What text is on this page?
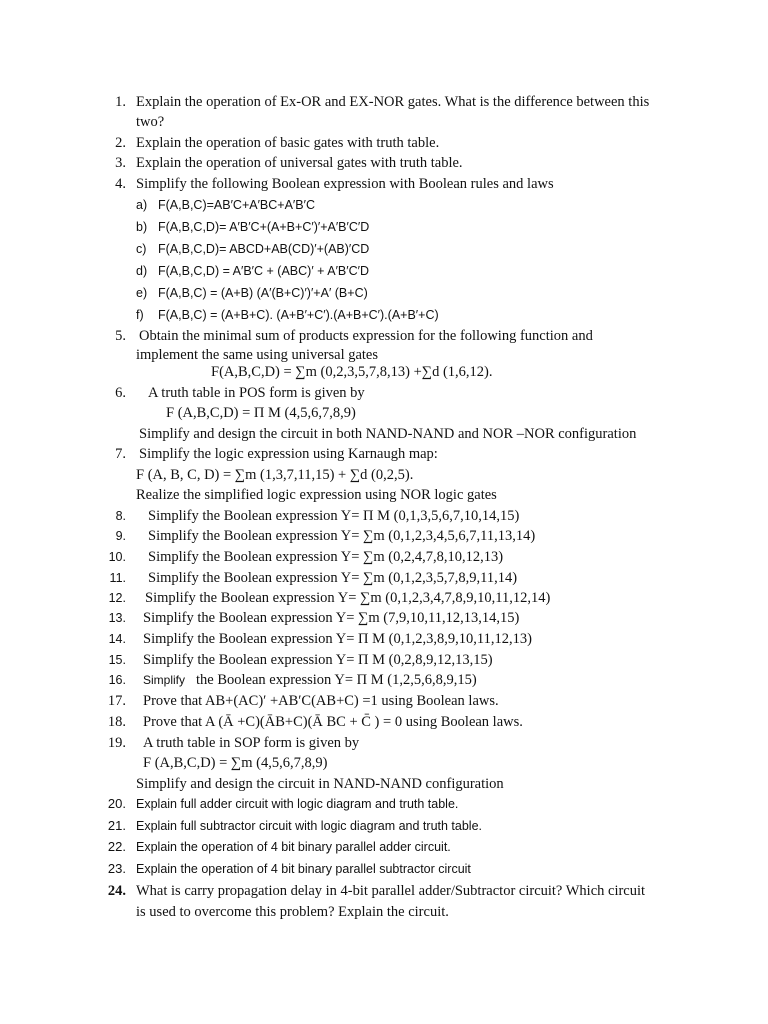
1. Explain the operation of Ex-OR and EX-NOR gates. What is the difference between this
two?
2. Explain the operation of basic gates with truth table.
3. Explain the operation of universal gates with truth table.
4. Simplify the following Boolean expression with Boolean rules and laws
a) F(A,B,C)=AB′C+A′BC+A′B′C
b) F(A,B,C,D)= A′B′C+(A+B+C′)′+A′B′C′D
c) F(A,B,C,D)= ABCD+AB(CD)′+(AB)′CD
d) F(A,B,C,D) = A′B′C + (ABC)′ + A′B′C′D
e) F(A,B,C) = (A+B) (A′(B+C)′)′+A′ (B+C)
f) F(A,B,C) = (A+B+C). (A+B′+C′).(A+B+C′).(A+B′+C)
5. Obtain the minimal sum of products expression for the following function and
implement the same using universal gates
F(A,B,C,D) = ∑m (0,2,3,5,7,8,13) +∑d (1,6,12).
6. A truth table in POS form is given by
F (A,B,C,D) = Π M (4,5,6,7,8,9)
Simplify and design the circuit in both NAND-NAND and NOR –NOR configuration
7. Simplify the logic expression using Karnaugh map:
F (A, B, C, D) = ∑m (1,3,7,11,15) + ∑d (0,2,5).
Realize the simplified logic expression using NOR logic gates
8. Simplify the Boolean expression Y= Π M (0,1,3,5,6,7,10,14,15)
9. Simplify the Boolean expression Y= ∑m (0,1,2,3,4,5,6,7,11,13,14)
10. Simplify the Boolean expression Y= ∑m (0,2,4,7,8,10,12,13)
11. Simplify the Boolean expression Y= ∑m (0,1,2,3,5,7,8,9,11,14)
12. Simplify the Boolean expression Y= ∑m (0,1,2,3,4,7,8,9,10,11,12,14)
13. Simplify the Boolean expression Y= ∑m (7,9,10,11,12,13,14,15)
14. Simplify the Boolean expression Y= Π M (0,1,2,3,8,9,10,11,12,13)
15. Simplify the Boolean expression Y= Π M (0,2,8,9,12,13,15)
16. Simplify the Boolean expression Y= Π M (1,2,5,6,8,9,15)
17. Prove that AB+(AC)′ +AB′C(AB+C) =1 using Boolean laws.
18. Prove that A (Ā +C)(ĀB+C)(Ā BC + C̄ ) = 0 using Boolean laws.
19. A truth table in SOP form is given by
F (A,B,C,D) = ∑m (4,5,6,7,8,9)
Simplify and design the circuit in NAND-NAND configuration
20. Explain full adder circuit with logic diagram and truth table.
21. Explain full subtractor circuit with logic diagram and truth table.
22. Explain the operation of 4 bit binary parallel adder circuit.
23. Explain the operation of 4 bit binary parallel subtractor circuit
24. What is carry propagation delay in 4-bit parallel adder/Subtractor circuit? Which circuit
is used to overcome this problem? Explain the circuit.
